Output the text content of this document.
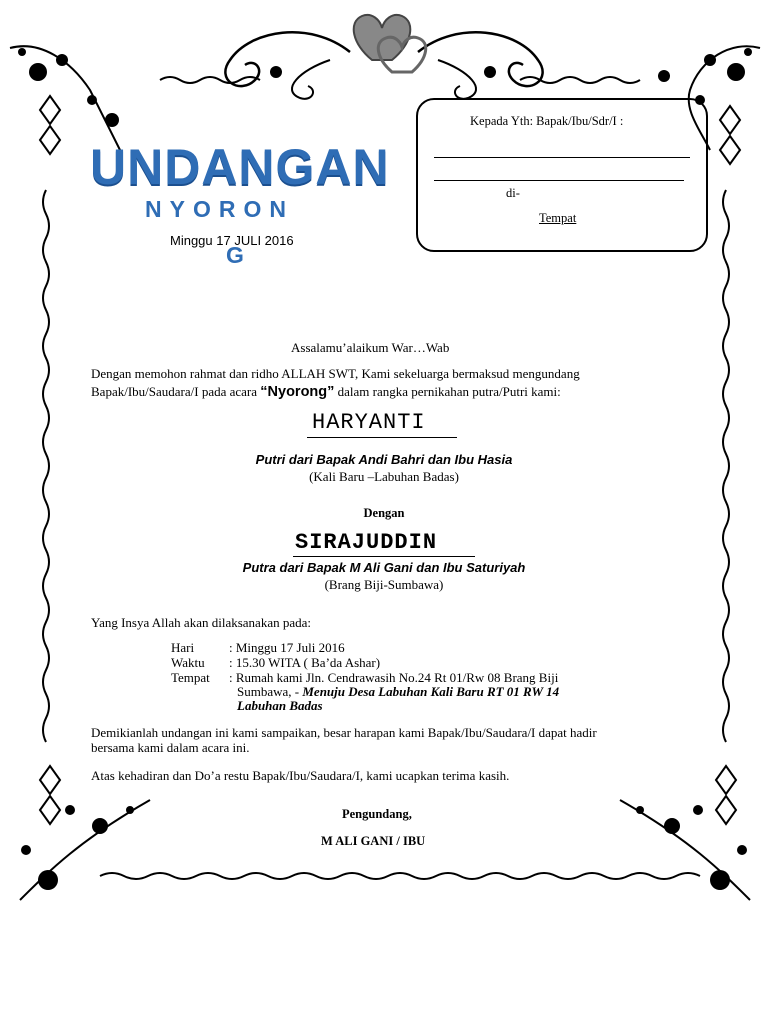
UNDANGAN
NYORON
Minggu 17 JULI 2016
G
Kepada Yth: Bapak/Ibu/Sdr/I :
di-
Tempat
Assalamu’alaikum War…Wab
Dengan memohon rahmat dan ridho ALLAH SWT, Kami sekeluarga bermaksud mengundang
Bapak/Ibu/Saudara/I pada acara “Nyorong” dalam rangka pernikahan putra/Putri kami:
HARYANTI
Putri dari Bapak Andi Bahri dan Ibu Hasia
(Kali Baru –Labuhan Badas)
Dengan
SIRAJUDDIN
Putra dari Bapak M Ali Gani dan Ibu Saturiyah
(Brang Biji-Sumbawa)
Yang Insya Allah akan dilaksanakan pada:
Hari	: Minggu 17 Juli 2016
Waktu : 15.30 WITA ( Ba’da Ashar)
Tempat : Rumah kami Jln. Cendrawasih No.24 Rt 01/Rw 08 Brang Biji
Sumbawa, - Menuju Desa Labuhan Kali Baru RT 01 RW 14
Labuhan Badas
Demikianlah undangan ini kami sampaikan, besar harapan kami Bapak/Ibu/Saudara/I dapat hadir
bersama kami dalam acara ini.
Atas kehadiran dan Do’a restu Bapak/Ibu/Saudara/I, kami ucapkan terima kasih.
Pengundang,
M ALI GANI / IBU
